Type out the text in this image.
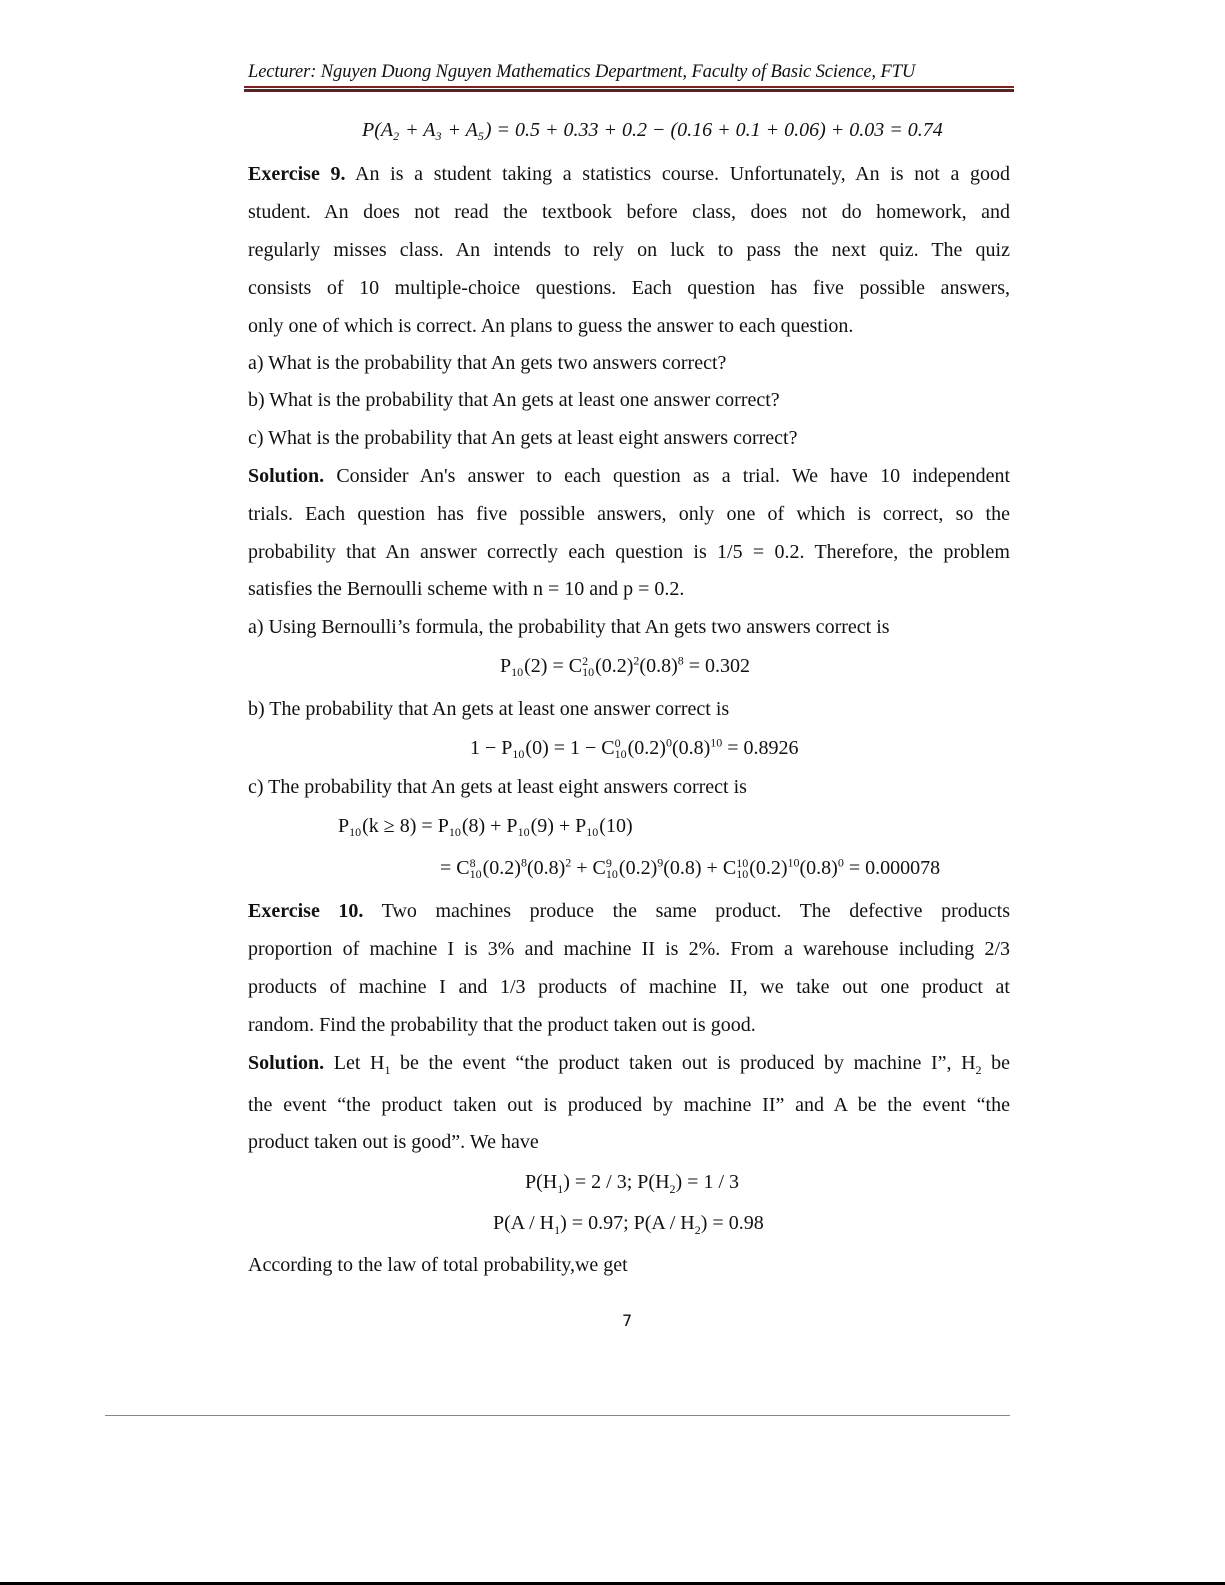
Lecturer: Nguyen Duong Nguyen Mathematics Department, Faculty of Basic Science, FTU
P(A
2 + A
3 + A
5 ) = 0.5 + 0.33 + 0.2 − (0.16 + 0.1 + 0.06) + 0.03 = 0.74
Exercise 9. An is a student taking a statistics course. Unfortunately, An is not a good
student. An does not read the textbook before class, does not do homework, and
regularly misses class. An intends to rely on luck to pass the next quiz. The quiz
consists of 10 multiple-choice questions. Each question has five possible answers,
only one of which is correct. An plans to guess the answer to each question.
a) What is the probability that An gets two answers correct?
b) What is the probability that An gets at least one answer correct?
c) What is the probability that An gets at least eight answers correct?
Solution. Consider An's answer to each question as a trial. We have 10 independent
trials. Each question has five possible answers, only one of which is correct, so the
probability that An answer correctly each question is 1/5 = 0.2. Therefore, the problem
satisfies the Bernoulli scheme with n = 10 and p = 0.2.
a) Using Bernoulli’s formula, the probability that An gets two answers correct is
P
10 (2) = C 2
10 $(0.2)^2(0.8)^8 = 0.302$
b) The probability that An gets at least one answer correct is
1 − P
10 (0) = 1 − C 0
10 $(0.2)^0(0.8)^{10} = 0.8926$
c) The probability that An gets at least eight answers correct is
P
10 (k ≥ 8) = P
10 (8) + P
10 (9) + P
10 (10)
= C 8
10 $(0.2)^8(0.8)^2 + C$ 9
10 $(0.2)^9(0.8) + C$ 10
10 $(0.2)^{10}(0.8)^0 = 0.000078$
Exercise 10. Two machines produce the same product. The defective products
proportion of machine I is 3% and machine II is 2%. From a warehouse including 2/3
products of machine I and 1/3 products of machine II, we take out one product at
random. Find the probability that the product taken out is good.
Solution. Let $H_1$ be the event “the product taken out is produced by machine I”, $H_2$ be
the event “the product taken out is produced by machine II” and A be the event “the
product taken out is good”. We have
$P(H_1) = 2 / 3$; $P(H_2) = 1 / 3$
$P(A / H_1) = 0.97$; $P(A / H_2) = 0.98$
According to the law of total probability,we get
7
